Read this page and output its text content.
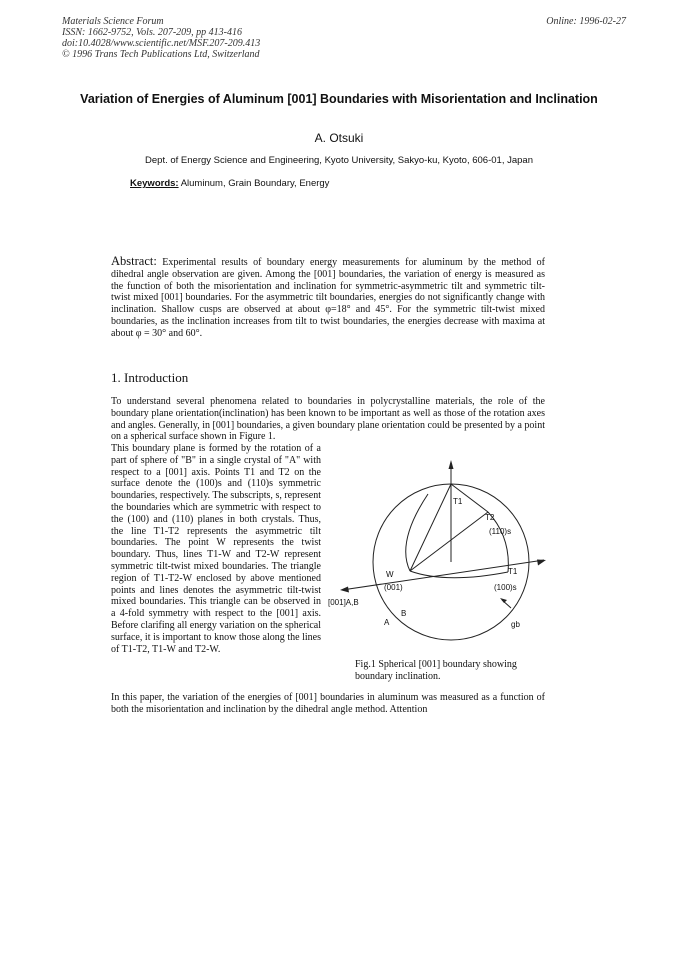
Materials Science Forum
ISSN: 1662-9752, Vols. 207-209, pp 413-416
doi:10.4028/www.scientific.net/MSF.207-209.413
© 1996 Trans Tech Publications Ltd, Switzerland
Online: 1996-02-27
Variation of Energies of Aluminum [001] Boundaries with Misorientation and Inclination
A. Otsuki
Dept. of Energy Science and Engineering, Kyoto University, Sakyo-ku, Kyoto, 606-01, Japan
Keywords: Aluminum, Grain Boundary, Energy
Abstract: Experimental results of boundary energy measurements for aluminum by the method of dihedral angle observation are given. Among the [001] boundaries, the variation of energy is measured as the function of both the misorientation and inclination for symmetric-asymmetric tilt and symmetric tilt-twist mixed [001] boundaries. For the asymmetric tilt boundaries, energies do not significantly change with inclination. Shallow cusps are observed at about φ=18° and 45°. For the symmetric tilt-twist mixed boundaries, as the inclination increases from tilt to twist boundaries, the energies decrease with maxima at about φ = 30° and 60°.
1. Introduction
To understand several phenomena related to boundaries in polycrystalline materials, the role of the boundary plane orientation(inclination) has been known to be important as well as those of the rotation axes and angles. Generally, in [001] boundaries, a given boundary plane orientation could be presented by a point on a spherical surface shown in Figure 1.
This boundary plane is formed by the rotation of a part of sphere of "B" in a single crystal of "A" with respect to a [001] axis. Points T1 and T2 on the surface denote the (100)s and (110)s symmetric boundaries, respectively. The subscripts, s, represent the boundaries which are symmetric with respect to the (100) and (110) planes in both crystals. Thus, the line T1-T2 represents the asymmetric tilt boundaries. The point W represents the twist boundary. Thus, lines T1-W and T2-W represent symmetric tilt-twist mixed boundaries. The triangle region of T1-T2-W enclosed by above mentioned points and lines denotes the asymmetric tilt-twist mixed boundaries. This triangle can be observed in a 4-fold symmetry with respect to the [001] axis. Before clarifing all energy variation on the spherical surface, it is important to know those along the lines of T1-T2, T1-W and T2-W.
T1
T2
(110)s
W	T1
(001)	(100)s
[001]A,B
B
A	gb
Fig.1 Spherical [001] boundary showing boundary inclination.
In this paper, the variation of the energies of [001] boundaries in aluminum was measured as a function of both the misorientation and inclination by the dihedral angle method. Attention
